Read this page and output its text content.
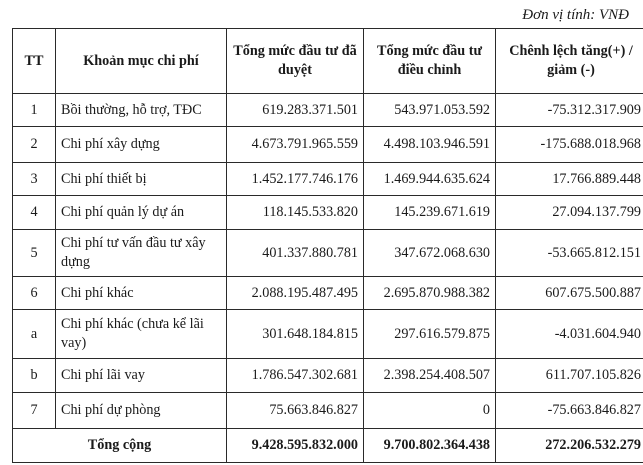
Đơn vị tính: VNĐ
TT	Khoản mục chi phí	Tổng mức đầu tư đã duyệt	Tổng mức đầu tư điều chỉnh	Chênh lệch tăng(+) / giảm (-)
1	Bồi thường, hỗ trợ, TĐC	619.283.371.501	543.971.053.592	-75.312.317.909
2	Chi phí xây dựng	4.673.791.965.559	4.498.103.946.591	-175.688.018.968
3	Chi phí thiết bị	1.452.177.746.176	1.469.944.635.624	17.766.889.448
4	Chi phí quản lý dự án	118.145.533.820	145.239.671.619	27.094.137.799
5	Chi phí tư vấn đầu tư xây dựng	401.337.880.781	347.672.068.630	-53.665.812.151
6	Chi phí khác	2.088.195.487.495	2.695.870.988.382	607.675.500.887
a	Chi phí khác (chưa kể lãi vay)	301.648.184.815	297.616.579.875	-4.031.604.940
b	Chi phí lãi vay	1.786.547.302.681	2.398.254.408.507	611.707.105.826
7	Chi phí dự phòng	75.663.846.827	0	-75.663.846.827
Tổng cộng		9.428.595.832.000	9.700.802.364.438	272.206.532.279
